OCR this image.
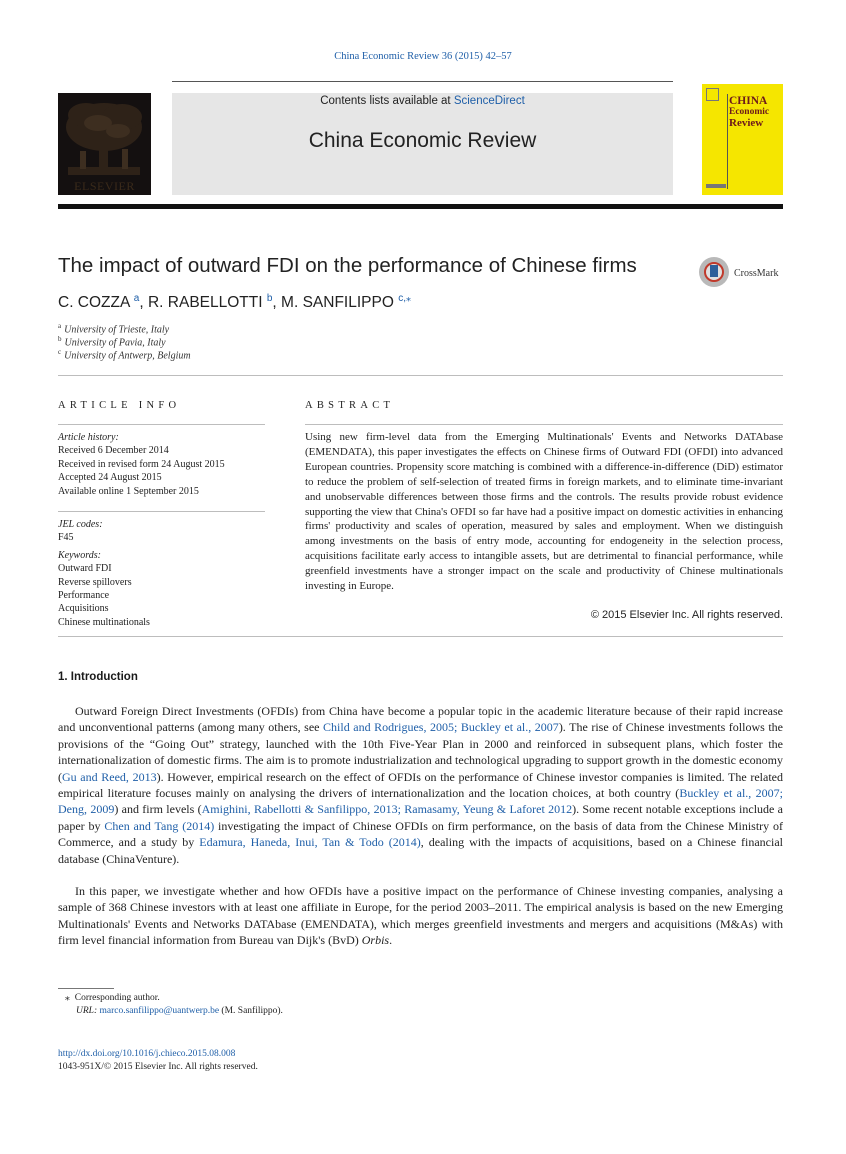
China Economic Review 36 (2015) 42–57
ELSEVIER
Contents lists available at ScienceDirect
China Economic Review
CHINA
Economic
Review
The impact of outward FDI on the performance of Chinese firms	CrossMark
C. COZZA $^a$, R. RABELLOTTI $^b$, M. SANFILIPPO $^{c,⁎}$
$^a$ University of Trieste, Italy
$^b$ University of Pavia, Italy
$^c$ University of Antwerp, Belgium
ARTICLE INFO	ABSTRACT
Article history:
Received 6 December 2014
Received in revised form 24 August 2015
Accepted 24 August 2015
Available online 1 September 2015
JEL codes:
F45
Keywords:
Outward FDI
Reverse spillovers
Performance
Acquisitions
Chinese multinationals
Using new firm-level data from the Emerging Multinationals' Events and Networks DATAbase (EMENDATA), this paper investigates the effects on Chinese firms of Outward FDI (OFDI) into advanced European countries. Propensity score matching is combined with a difference-in-difference (DiD) estimator to reduce the problem of self-selection of treated firms in foreign markets, and to eliminate time-invariant and unobservable differences between those firms and the controls. The results provide robust evidence supporting the view that China's OFDI so far have had a positive impact on domestic activities in enhancing firms' productivity and scales of operation, measured by sales and employment. When we distinguish among investments on the basis of entry mode, accounting for endogeneity in the selection process, acquisitions facilitate early access to intangible assets, but are detrimental to financial performance, while greenfield investments have a stronger impact on the scale and productivity of Chinese multinationals investing in Europe.
© 2015 Elsevier Inc. All rights reserved.
1. Introduction
Outward Foreign Direct Investments (OFDIs) from China have become a popular topic in the academic literature because of their rapid increase and unconventional patterns (among many others, see Child and Rodrigues, 2005; Buckley et al., 2007). The rise of Chinese investments follows the provisions of the “Going Out” strategy, launched with the 10th Five-Year Plan in 2000 and reinforced in subsequent plans, which foster the internationalization of domestic firms. The aim is to promote industrialization and technological upgrading to support growth in the domestic economy (Gu and Reed, 2013). However, empirical research on the effect of OFDIs on the performance of Chinese investor companies is limited. The related empirical literature focuses mainly on analysing the drivers of internationalization and the location choices, at both country (Buckley et al., 2007; Deng, 2009) and firm levels (Amighini, Rabellotti & Sanfilippo, 2013; Ramasamy, Yeung & Laforet 2012). Some recent notable exceptions include a paper by Chen and Tang (2014) investigating the impact of Chinese OFDIs on firm performance, on the basis of data from the Chinese Ministry of Commerce, and a study by Edamura, Haneda, Inui, Tan & Todo (2014), dealing with the impacts of acquisitions, based on a Chinese financial database (ChinaVenture).
In this paper, we investigate whether and how OFDIs have a positive impact on the performance of Chinese investing companies, analysing a sample of 368 Chinese investors with at least one affiliate in Europe, for the period 2003–2011. The empirical analysis is based on the new Emerging Multinationals' Events and Networks DATAbase (EMENDATA), which merges greenfield investments and mergers and acquisitions (M&As) with firm level financial information from Bureau van Dijk's (BvD) Orbis.
⁎ Corresponding author.
URL: marco.sanfilippo@uantwerp.be (M. Sanfilippo).
http://dx.doi.org/10.1016/j.chieco.2015.08.008
1043-951X/© 2015 Elsevier Inc. All rights reserved.
